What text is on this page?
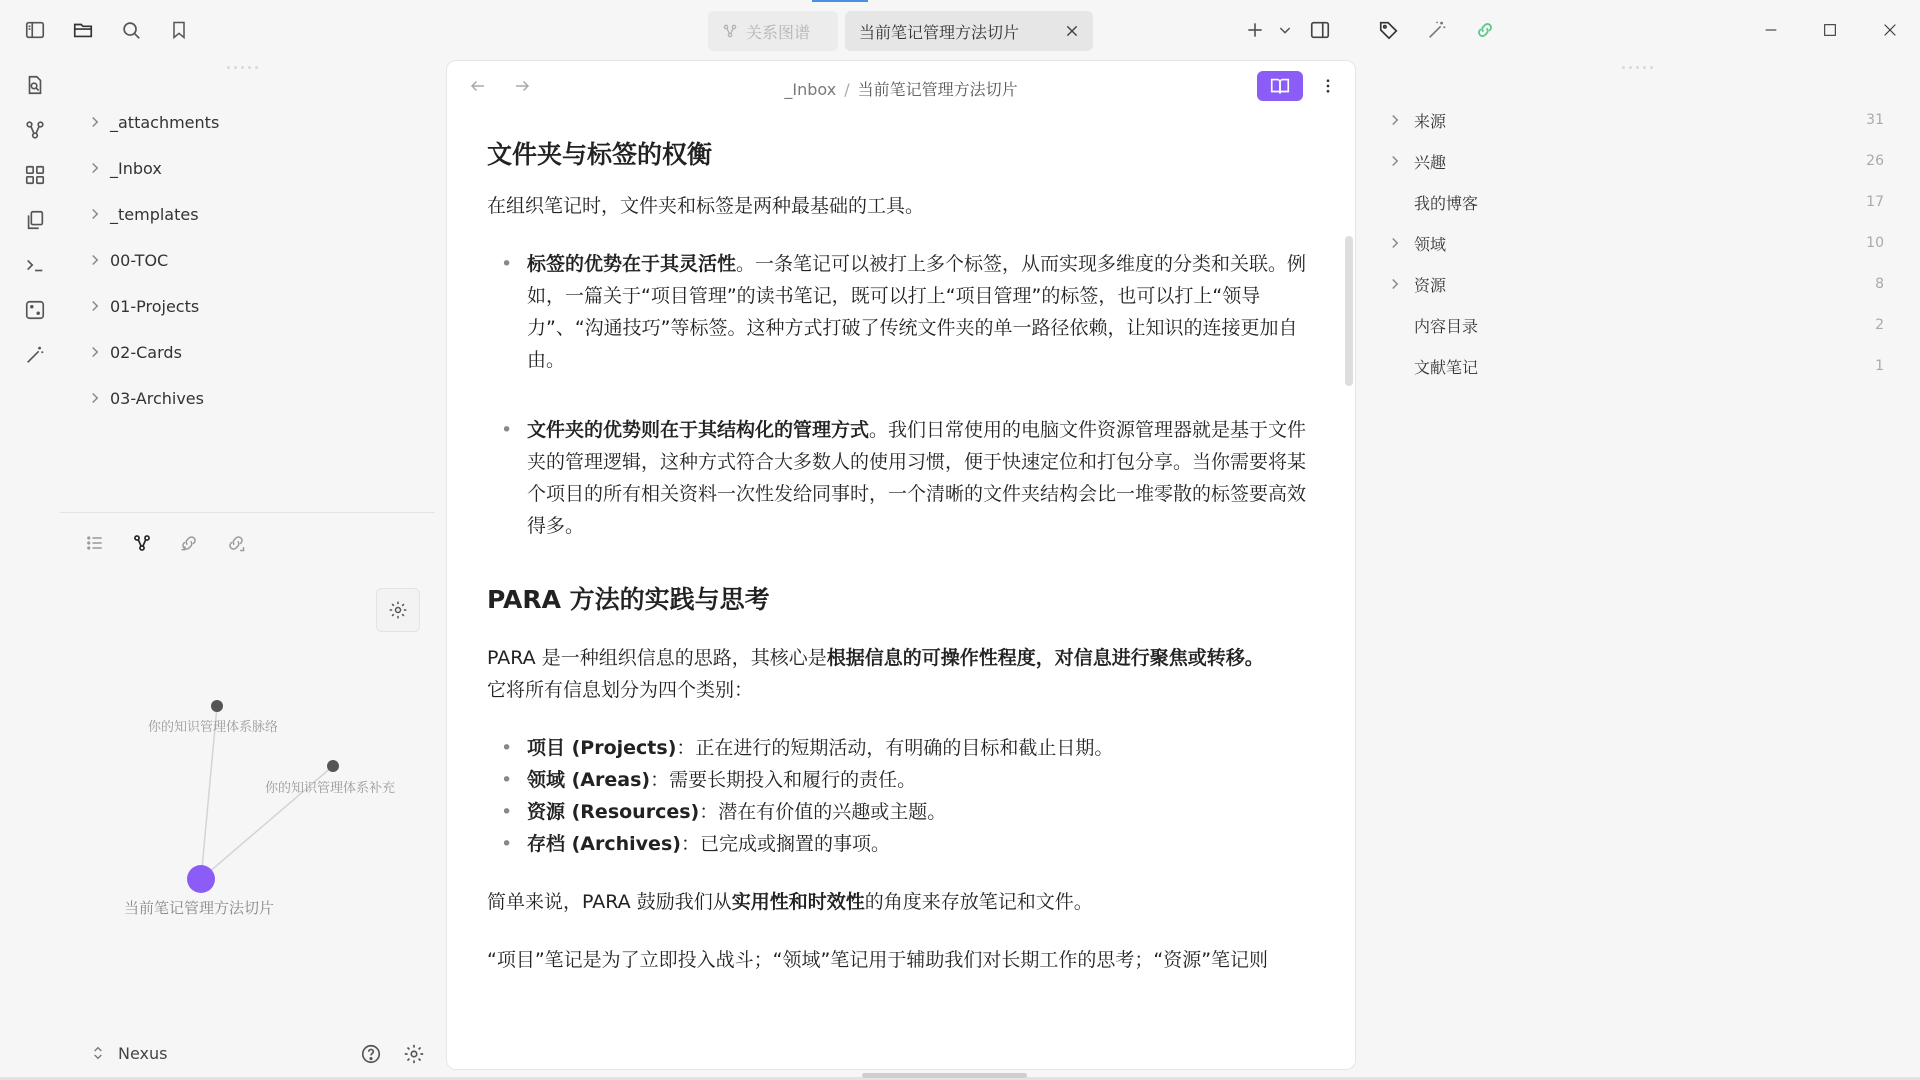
关系图谱	当前笔记管理方法切片
_attachments
_Inbox
_templates
00-TOC
01-Projects
02-Cards
03-Archives
你的知识管理体系脉络
你的知识管理体系补充
当前笔记管理方法切片
Nexus
_Inbox / 当前笔记管理方法切片
文件夹与标签的权衡

在组织笔记时，文件夹和标签是两种最基础的工具。

• 标签的优势在于其灵活性。一条笔记可以被打上多个标签，从而实现多维度的分类和关联。例如，一篇关于“项目管理”的读书笔记，既可以打上“项目管理”的标签，也可以打上“领导力”、“沟通技巧”等标签。这种方式打破了传统文件夹的单一路径依赖，让知识的连接更加自由。
• 文件夹的优势则在于其结构化的管理方式。我们日常使用的电脑文件资源管理器就是基于文件夹的管理逻辑，这种方式符合大多数人的使用习惯，便于快速定位和打包分享。当你需要将某个项目的所有相关资料一次性发给同事时，一个清晰的文件夹结构会比一堆零散的标签要高效得多。
PARA 方法的实践与思考

PARA 是一种组织信息的思路，其核心是根据信息的可操作性程度，对信息进行聚焦或转移。
它将所有信息划分为四个类别：

• 项目 (Projects)：正在进行的短期活动，有明确的目标和截止日期。
• 领域 (Areas)：需要长期投入和履行的责任。
• 资源 (Resources)：潜在有价值的兴趣或主题。
• 存档 (Archives)：已完成或搁置的事项。

简单来说，PARA 鼓励我们从实用性和时效性的角度来存放笔记和文件。

“项目”笔记是为了立即投入战斗；“领域”笔记用于辅助我们对长期工作的思考；“资源”笔记则

来源	31
兴趣	26
我的博客	17
领域	10
资源	8
内容目录	2
文献笔记	1
